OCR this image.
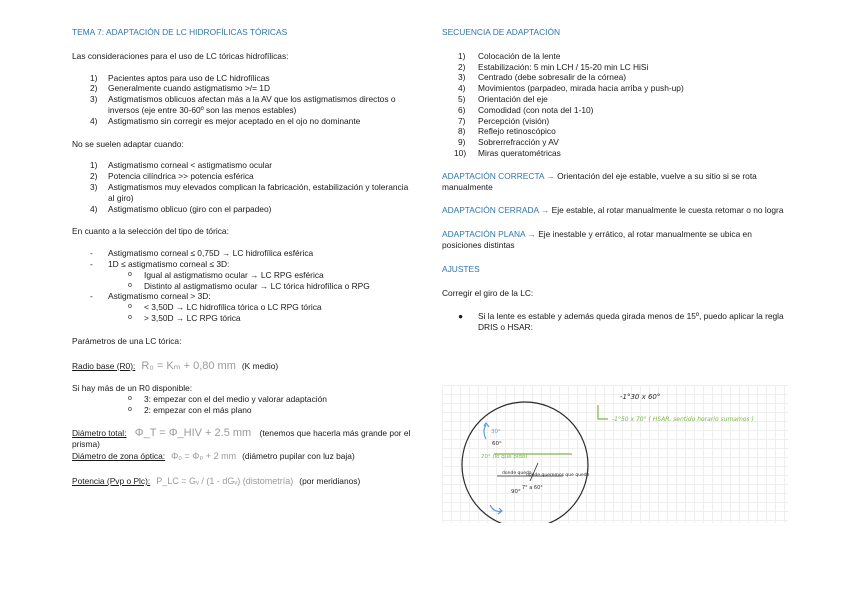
TEMA 7: ADAPTACIÓN DE LC HIDROFÍLICAS TÓRICAS
Las consideraciones para el uso de LC tóricas hidrofílicas:
1) Pacientes aptos para uso de LC hidrofílicas
2) Generalmente cuando astigmatismo >/= 1D
3) Astigmatismos oblicuos afectan más a la AV que los astigmatismos directos o inversos (eje entre 30-60º son las menos estables)
4) Astigmatismo sin corregir es mejor aceptado en el ojo no dominante
No se suelen adaptar cuando:
1) Astigmatismo corneal < astigmatismo ocular
2) Potencia cilíndrica >> potencia esférica
3) Astigmatismos muy elevados complican la fabricación, estabilización y tolerancia al giro)
4) Astigmatismo oblicuo (giro con el parpadeo)
En cuanto a la selección del tipo de tórica:
- Astigmatismo corneal ≤ 0,75D → LC hidrofílica esférica
- 1D ≤ astigmatismo corneal ≤ 3D:
o Igual al astigmatismo ocular → LC RPG esférica
o Distinto al astigmatismo ocular → LC tórica hidrofílica o RPG
- Astigmatismo corneal > 3D:
o < 3,50D → LC hidrofílica tórica o LC RPG tórica
o > 3,50D → LC RPG tórica
Parámetros de una LC tórica:
Radio base (R0): R₀ = Kₘ + 0,80 mm (K medio)
Si hay más de un R0 disponible:
o 3: empezar con el del medio y valorar adaptación
o 2: empezar con el más plano
Diámetro total: Φ_T = Φ_HIV + 2.5 mm (tenemos que hacerla más grande por el prisma)
Diámetro de zona óptica: Φ₀ = Φₚ + 2 mm (diámetro pupilar con luz baja)
Potencia (Pvp o Plc): P_LC = Gᵥ / (1 - dGᵥ) (distometría) (por meridianos)
SECUENCIA DE ADAPTACIÓN
1) Colocación de la lente
2) Estabilización: 5 min LCH / 15-20 min LC HiSi
3) Centrado (debe sobresalir de la córnea)
4) Movimientos (parpadeo, mirada hacia arriba y push-up)
5) Orientación del eje
6) Comodidad (con nota del 1-10)
7) Percepción (visión)
8) Reflejo retinoscópico
9) Sobrerrefracción y AV
10) Miras queratométricas
ADAPTACIÓN CORRECTA → Orientación del eje estable, vuelve a su sitio si se rota manualmente
ADAPTACIÓN CERRADA → Eje estable, al rotar manualmente le cuesta retomar o no logra
ADAPTACIÓN PLANA → Eje inestable y errático, al rotar manualmente se ubica en posiciones distintas
AJUSTES
Corregir el giro de la LC:
● Si la lente es estable y además queda girada menos de 15º, puedo aplicar la regla DRIS o HSAR:
-1°30 x 60°
-1°50 x 70° ( HSAR, sentido horario sumamos )
30°
60°
70° (lo que pido)
donde queda
donde queremos que quede
90°
7° a 60°
